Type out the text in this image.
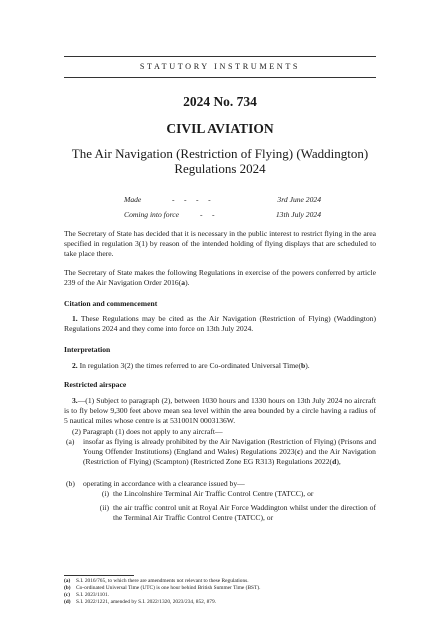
STATUTORY INSTRUMENTS
2024 No. 734
CIVIL AVIATION
The Air Navigation (Restriction of Flying) (Waddington)
Regulations 2024
Made	-     -     -     -	3rd June 2024
Coming into force	-     -	13th July 2024
The Secretary of State has decided that it is necessary in the public interest to restrict flying in the area specified in regulation 3(1) by reason of the intended holding of flying displays that are scheduled to take place there.
The Secretary of State makes the following Regulations in exercise of the powers conferred by article 239 of the Air Navigation Order 2016(a).
Citation and commencement
1. These Regulations may be cited as the Air Navigation (Restriction of Flying) (Waddington) Regulations 2024 and they come into force on 13th July 2024.
Interpretation
2. In regulation 3(2) the times referred to are Co-ordinated Universal Time(b).
Restricted airspace
3.—(1) Subject to paragraph (2), between 1030 hours and 1330 hours on 13th July 2024 no aircraft is to fly below 9,300 feet above mean sea level within the area bounded by a circle having a radius of 5 nautical miles whose centre is at 531001N 0003136W.
(2) Paragraph (1) does not apply to any aircraft—
(a) insofar as flying is already prohibited by the Air Navigation (Restriction of Flying) (Prisons and Young Offender Institutions) (England and Wales) Regulations 2023(c) and the Air Navigation (Restriction of Flying) (Scampton) (Restricted Zone EG R313) Regulations 2022(d),
(b)	operating in accordance with a clearance issued by—
(i) the Lincolnshire Terminal Air Traffic Control Centre (TATCC), or
(ii) the air traffic control unit at Royal Air Force Waddington whilst under the direction of the Terminal Air Traffic Control Centre (TATCC), or
(a) S.I. 2016/765, to which there are amendments not relevant to these Regulations.
(b) Co-ordinated Universal Time (UTC) is one hour behind British Summer Time (BST).
(c) S.I. 2023/1101.
(d) S.I. 2022/1221, amended by S.I. 2022/1320, 2023/234, 852, 879.
